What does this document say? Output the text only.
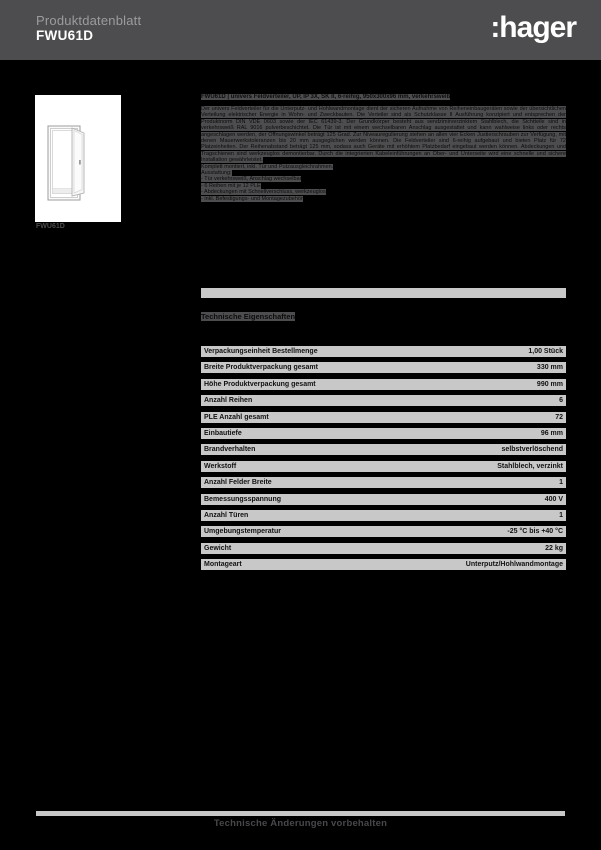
Produktdatenblatt
FWU61D	:hager
FWU61D
FWU61D | univers Feldverteiler, UP, IP 3X, SK II, 6-reihig, 950x300x96 mm, verkehrsweiß
Der univers Feldverteiler für die Unterputz- und Hohlwandmontage dient der sicheren Aufnahme von Reiheneinbaugeräten sowie der übersichtlichen Verteilung elektrischer Energie in Wohn- und Zweckbauten. Die Verteiler sind als Schutzklasse II Ausführung konzipiert und entsprechen der Produktnorm DIN VDE 0603 sowie der IEC 61439-3. Der Grundkörper besteht aus sendzimirverzinktem Stahlblech, die Sichtteile sind in verkehrsweiß RAL 9016 pulverbeschichtet. Die Tür ist mit einem wechselbaren Anschlag ausgestattet und kann wahlweise links oder rechts angeschlagen werden, der Öffnungswinkel beträgt 125 Grad. Zur Niveauregulierung stehen an allen vier Ecken Justierschrauben zur Verfügung, mit denen Mauerwerkstoleranzen bis 20 mm ausgeglichen werden können. Die Feldverteiler sind 6-reihig aufgebaut und bieten Platz für 72 Platzeinheiten. Der Reihenabstand beträgt 125 mm, sodass auch Geräte mit erhöhtem Platzbedarf eingebaut werden können. Abdeckungen und Tragschienen sind werkzeuglos demontierbar. Durch die integrierten Kabeleinführungen an Ober- und Unterseite wird eine schnelle und sichere Installation gewährleistet.
Komplett montiert, inkl. Tür und Putzausgleichrahmen.
Ausstattung:
- Tür verkehrsweiß, Anschlag wechselbar
- 6 Reihen mit je 12 PLE
- Abdeckungen mit Schnellverschluss, werkzeuglos
- inkl. Befestigungs- und Montagezubehör
Technische Eigenschaften
Verpackungseinheit Bestellmenge	1,00 Stück
Breite Produktverpackung gesamt	330 mm
Höhe Produktverpackung gesamt	990 mm
Anzahl Reihen	6
PLE Anzahl gesamt	72
Einbautiefe	96 mm
Brandverhalten	selbstverlöschend
Werkstoff	Stahlblech, verzinkt
Anzahl Felder Breite	1
Bemessungsspannung	400 V
Anzahl Türen	1
Umgebungstemperatur	-25 °C bis +40 °C
Gewicht	22 kg
Montageart	Unterputz/Hohlwandmontage
Technische Änderungen vorbehalten
